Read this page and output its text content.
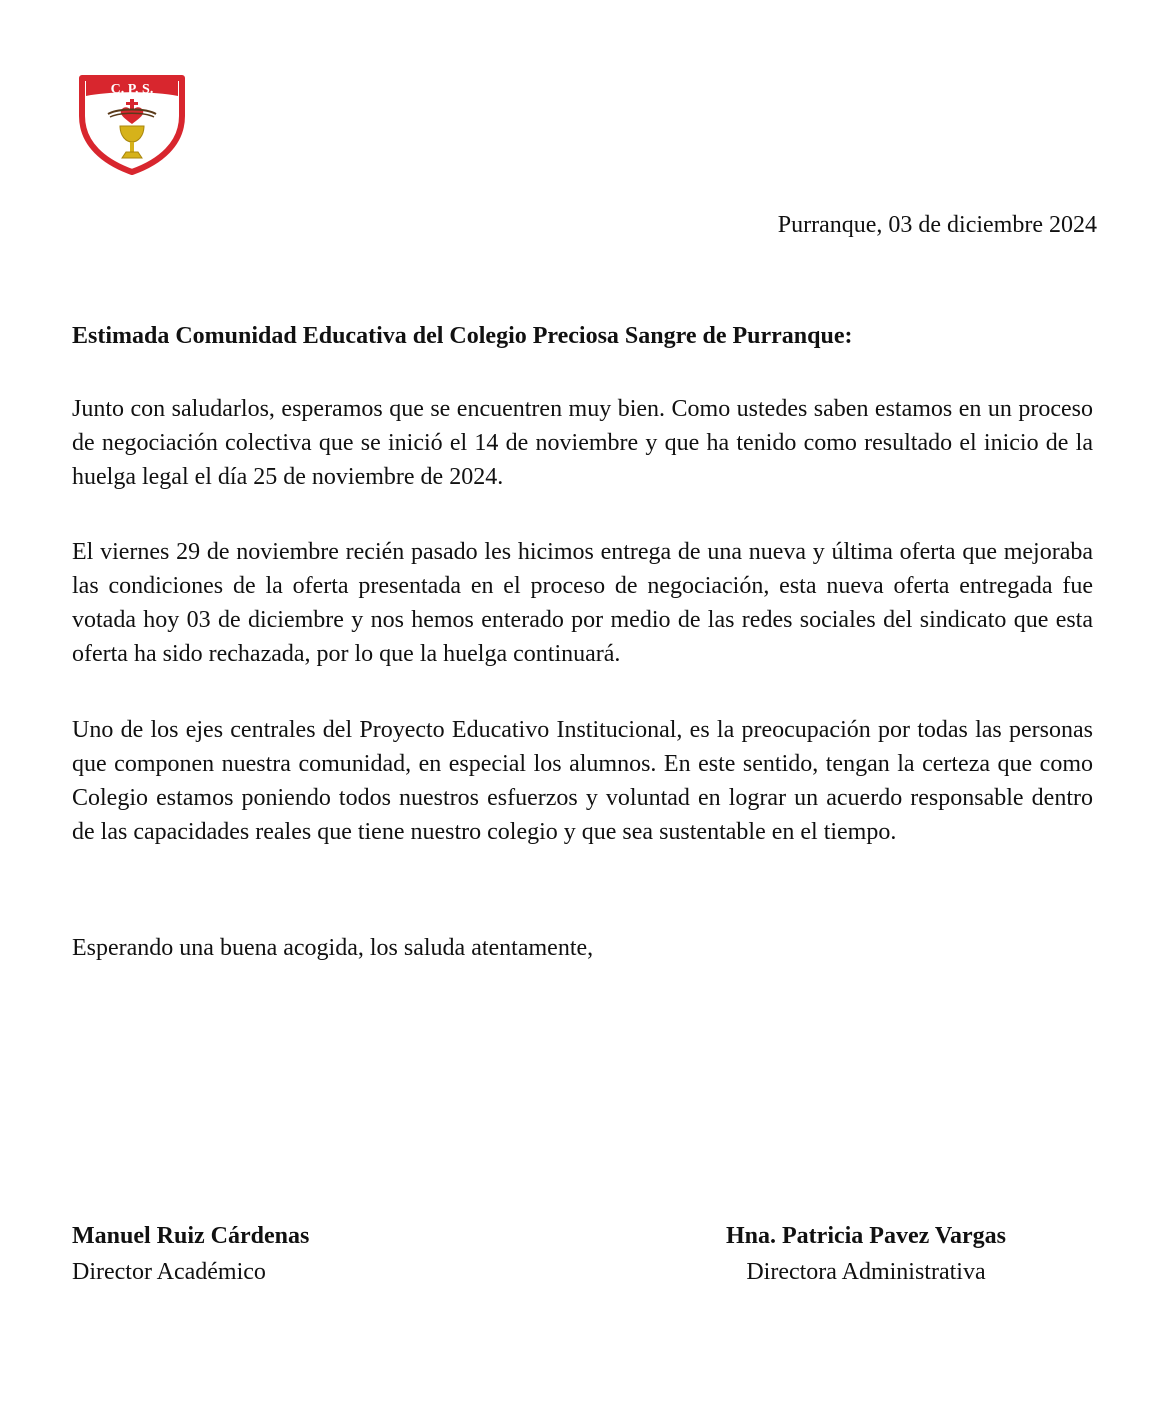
C. P. S.
Purranque, 03 de diciembre 2024
Estimada Comunidad Educativa del Colegio Preciosa Sangre de Purranque:

Junto con saludarlos, esperamos que se encuentren muy bien. Como ustedes saben estamos en un proceso de negociación colectiva que se inició el 14 de noviembre y que ha tenido como resultado el inicio de la huelga legal el día 25 de noviembre de 2024.

El viernes 29 de noviembre recién pasado les hicimos entrega de una nueva y última oferta que mejoraba las condiciones de la oferta presentada en el proceso de negociación, esta nueva oferta entregada fue votada hoy 03 de diciembre y nos hemos enterado por medio de las redes sociales del sindicato que esta oferta ha sido rechazada, por lo que la huelga continuará.

Uno de los ejes centrales del Proyecto Educativo Institucional, es la preocupación por todas las personas que componen nuestra comunidad, en especial los alumnos. En este sentido, tengan la certeza que como Colegio estamos poniendo todos nuestros esfuerzos y voluntad en lograr un acuerdo responsable dentro de las capacidades reales que tiene nuestro colegio y que sea sustentable en el tiempo.

Esperando una buena acogida, los saluda atentamente,
Manuel Ruiz Cárdenas
Director Académico
Hna. Patricia Pavez Vargas
Directora Administrativa
